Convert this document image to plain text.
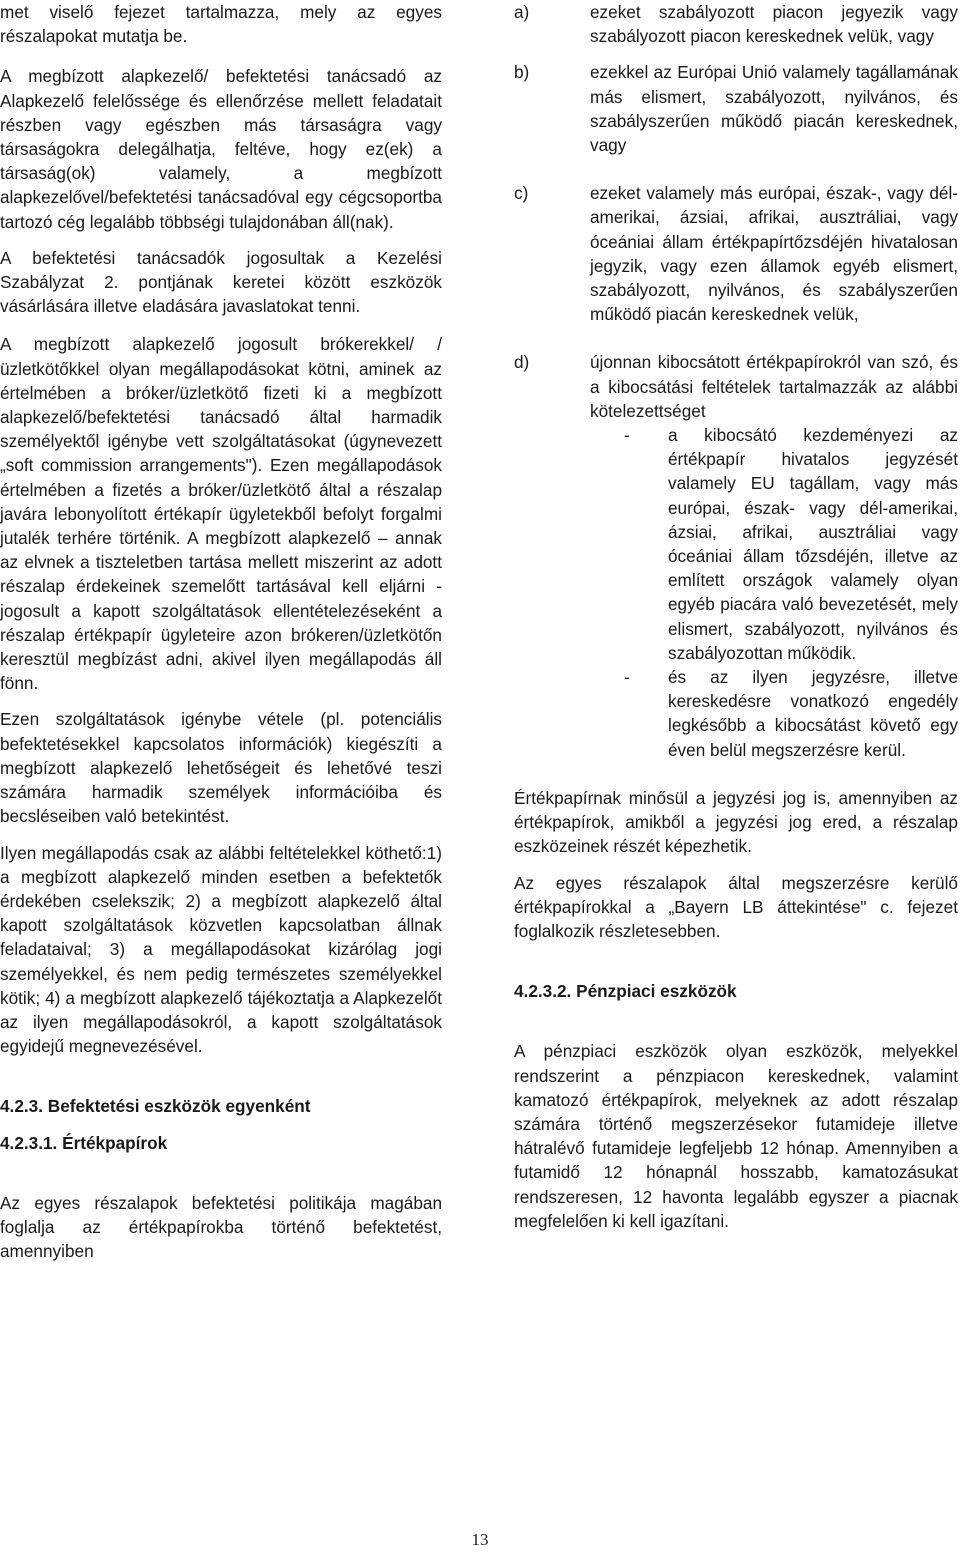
met viselő fejezet tartalmazza, mely az egyes részalapokat mutatja be.

A megbízott alapkezelő/ befektetési tanácsadó az Alapkezelő felelőssége és ellenőrzése mellett feladatait részben vagy egészben más társaságra vagy társaságokra delegálhatja, feltéve, hogy ez(ek) a társaság(ok) valamely, a megbízott alapkezelővel/befektetési tanácsadóval egy cégcsoportba tartozó cég legalább többségi tulajdonában áll(nak).

A befektetési tanácsadók jogosultak a Kezelési Szabályzat 2. pontjának keretei között eszközök vásárlására illetve eladására javaslatokat tenni.

A megbízott alapkezelő jogosult brókerekkel/ /üzletkötőkkel olyan megállapodásokat kötni, aminek az értelmében a bróker/üzletkötő fizeti ki a megbízott alapkezelő/befektetési tanácsadó által harmadik személyektől igénybe vett szolgáltatásokat (úgynevezett „soft commission arrangements"). Ezen megállapodások értelmében a fizetés a bróker/üzletkötő által a részalap javára lebonyolított értékapír ügyletekből befolyt forgalmi jutalék terhére történik. A megbízott alapkezelő – annak az elvnek a tiszteletben tartása mellett miszerint az adott részalap érdekeinek szemelőtt tartásával kell eljárni - jogosult a kapott szolgáltatások ellentételezéseként a részalap értékpapír ügyleteire azon brókeren/üzletkötőn keresztül megbízást adni, akivel ilyen megállapodás áll fönn.

Ezen szolgáltatások igénybe vétele (pl. potenciális befektetésekkel kapcsolatos információk) kiegészíti a megbízott alapkezelő lehetőségeit és lehetővé teszi számára harmadik személyek információiba és becsléseiben való betekintést.

Ilyen megállapodás csak az alábbi feltételekkel köthető:1) a megbízott alapkezelő minden esetben a befektetők érdekében cselekszik; 2) a megbízott alapkezelő által kapott szolgáltatások közvetlen kapcsolatban állnak feladataival; 3) a megállapodásokat kizárólag jogi személyekkel, és nem pedig természetes személyekkel kötik; 4) a megbízott alapkezelő tájékoztatja a Alapkezelőt az ilyen megállapodásokról, a kapott szolgáltatások egyidejű megnevezésével.

4.2.3. Befektetési eszközök egyenként

4.2.3.1. Értékpapírok

Az egyes részalapok befektetési politikája magában foglalja az értékpapírokba történő befektetést, amennyiben

a)	ezeket szabályozott piacon jegyezik vagy szabályozott piacon kereskednek velük, vagy
b)	ezekkel az Európai Unió valamely tagállamának más elismert, szabályozott, nyilvános, és szabályszerűen működő piacán kereskednek, vagy
c)	ezeket valamely más európai, észak-, vagy dél-amerikai, ázsiai, afrikai, ausztráliai, vagy óceániai állam értékpapírtőzsdéjén hivatalosan jegyzik, vagy ezen államok egyéb elismert, szabályozott, nyilvános, és szabályszerűen működő piacán kereskednek velük,
d)	újonnan kibocsátott értékpapírokról van szó, és a kibocsátási feltételek tartalmazzák az alábbi kötelezettséget
-	a kibocsátó kezdeményezi az értékpapír hivatalos jegyzését valamely EU tagállam, vagy más európai, észak- vagy dél-amerikai, ázsiai, afrikai, ausztráliai vagy óceániai állam tőzsdéjén, illetve az említett országok valamely olyan egyéb piacára való bevezetését, mely elismert, szabályozott, nyilvános és szabályozottan működik.
-	és az ilyen jegyzésre, illetve kereskedésre vonatkozó engedély legkésőbb a kibocsátást követő egy éven belül megszerzésre kerül.

Értékpapírnak minősül a jegyzési jog is, amennyiben az értékpapírok, amikből a jegyzési jog ered, a részalap eszközeinek részét képezhetik.

Az egyes részalapok által megszerzésre kerülő értékpapírokkal a „Bayern LB áttekintése" c. fejezet foglalkozik részletesebben.

4.2.3.2. Pénzpiaci eszközök

A pénzpiaci eszközök olyan eszközök, melyekkel rendszerint a pénzpiacon kereskednek, valamint kamatozó értékpapírok, melyeknek az adott részalap számára történő megszerzésekor futamideje illetve hátralévő futamideje legfeljebb 12 hónap. Amennyiben a futamidő 12 hónapnál hosszabb, kamatozásukat rendszeresen, 12 havonta legalább egyszer a piacnak megfelelően ki kell igazítani.

13
